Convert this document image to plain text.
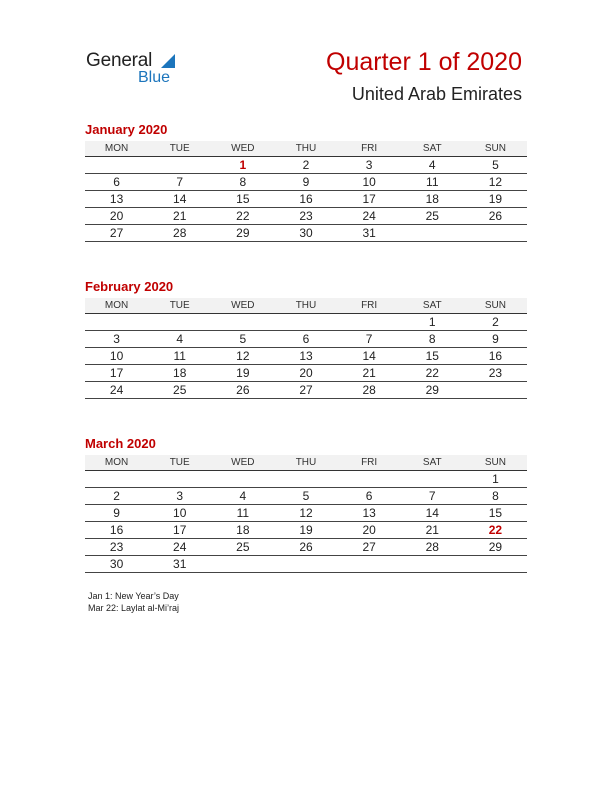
General
Blue
Quarter 1 of 2020
United Arab Emirates
January 2020
MON	TUE	WED	THU	FRI	SAT	SUN
		1	2	3	4	5
6	7	8	9	10	11	12
13	14	15	16	17	18	19
20	21	22	23	24	25	26
27	28	29	30	31		
February 2020
MON	TUE	WED	THU	FRI	SAT	SUN
					1	2
3	4	5	6	7	8	9
10	11	12	13	14	15	16
17	18	19	20	21	22	23
24	25	26	27	28	29	
March 2020
MON	TUE	WED	THU	FRI	SAT	SUN
						1
2	3	4	5	6	7	8
9	10	11	12	13	14	15
16	17	18	19	20	21	22
23	24	25	26	27	28	29
30	31					
Jan 1: New Year’s Day
Mar 22: Laylat al-Mi’raj
